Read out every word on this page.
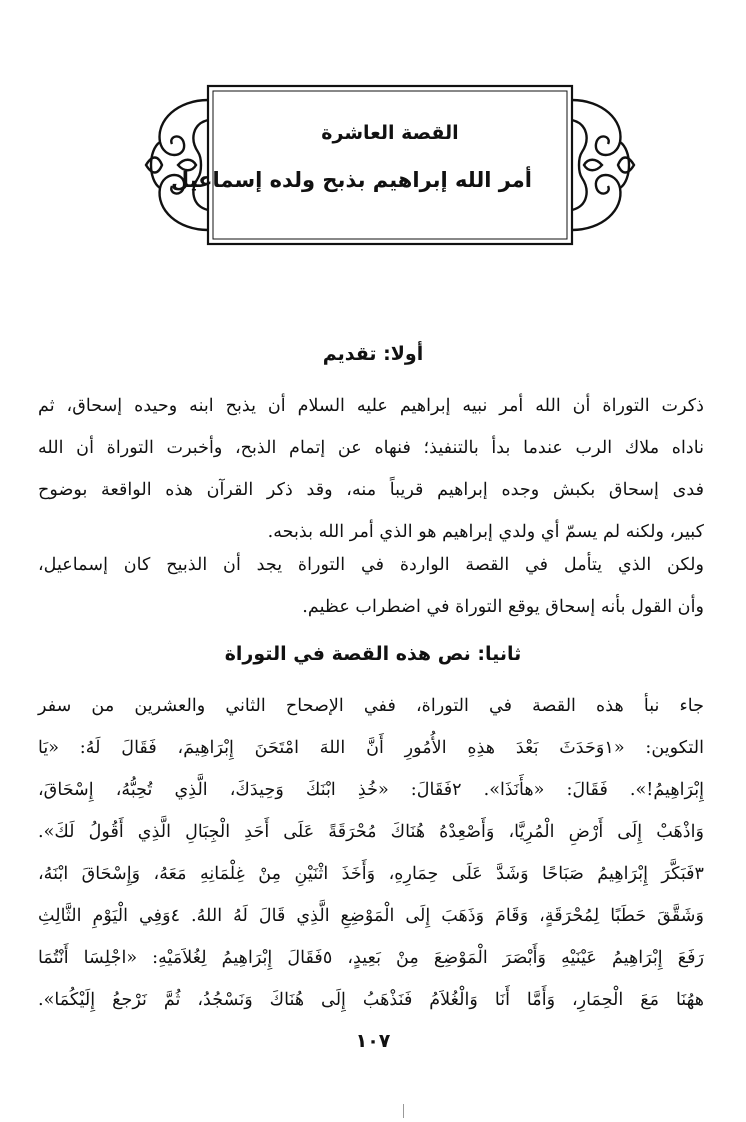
القصة العاشرة
أمر الله إبراهيم بذبح ولده إسماعيل
أولا: تقديم
ذكرت التوراة أن الله أمر نبيه إبراهيم عليه السلام أن يذبح ابنه وحيده إسحاق، ثم
ناداه ملاك الرب عندما بدأ بالتنفيذ؛ فنهاه عن إتمام الذبح، وأخبرت التوراة أن الله
فدى إسحاق بكبش وجده إبراهيم قريباً منه، وقد ذكر القرآن هذه الواقعة بوضوح
كبير، ولكنه لم يسمّ أي ولدي إبراهيم هو الذي أمر الله بذبحه.
ولكن الذي يتأمل في القصة الواردة في التوراة يجد أن الذبيح كان إسماعيل،
وأن القول بأنه إسحاق يوقع التوراة في اضطراب عظيم.
ثانيا: نص هذه القصة في التوراة
جاء نبأ هذه القصة في التوراة، ففي الإصحاح الثاني والعشرين من سفر
التكوين: «١وَحَدَثَ بَعْدَ هذِهِ الأُمُورِ أَنَّ اللهَ امْتَحَنَ إِبْرَاهِيمَ، فَقَالَ لَهُ: «يَا
إِبْرَاهِيمُ!». فَقَالَ: «هأَنَذَا». ٢فَقَالَ: «خُذِ ابْنَكَ وَحِيدَكَ، الَّذِي تُحِبُّهُ، إِسْحَاقَ،
وَاذْهَبْ إِلَى أَرْضِ الْمُرِيَّا، وَأَصْعِدْهُ هُنَاكَ مُحْرَقَةً عَلَى أَحَدِ الْجِبَالِ الَّذِي أَقُولُ لَكَ».
٣فَبَكَّرَ إِبْرَاهِيمُ صَبَاحًا وَشَدَّ عَلَى حِمَارِهِ، وَأَخَذَ اثْنَيْنِ مِنْ غِلْمَانِهِ مَعَهُ، وَإِسْحَاقَ ابْنَهُ،
وَشَقَّقَ حَطَبًا لِمُحْرَقَةٍ، وَقَامَ وَذَهَبَ إِلَى الْمَوْضِعِ الَّذِي قَالَ لَهُ اللهُ. ٤وَفِي الْيَوْمِ الثَّالِثِ
رَفَعَ إِبْرَاهِيمُ عَيْنَيْهِ وَأَبْصَرَ الْمَوْضِعَ مِنْ بَعِيدٍ، ٥فَقَالَ إِبْرَاهِيمُ لِغُلاَمَيْهِ: «اجْلِسَا أَنْتُمَا
ههُنَا مَعَ الْحِمَارِ، وَأَمَّا أَنَا وَالْغُلاَمُ فَنَذْهَبُ إِلَى هُنَاكَ وَنَسْجُدُ، ثُمَّ نَرْجعُ إِلَيْكُمَا».
١٠٧
